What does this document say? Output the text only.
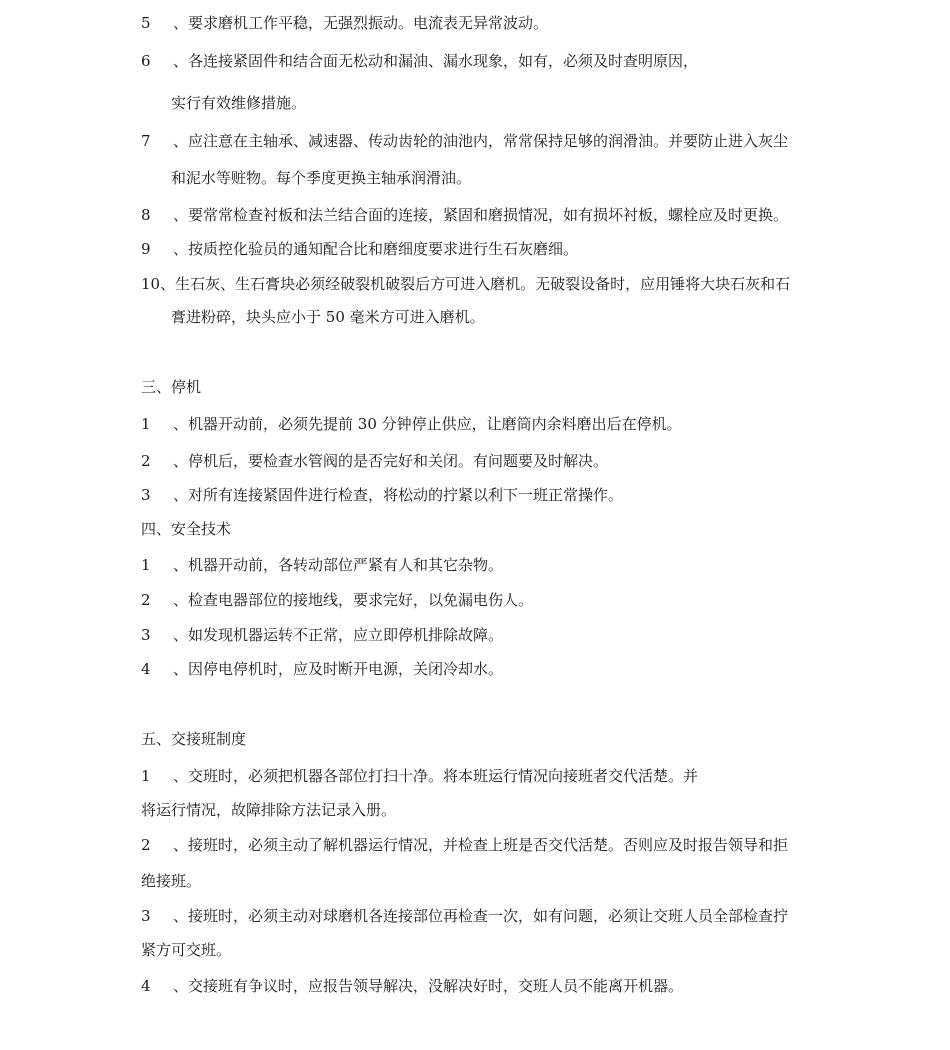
5 、要求磨机工作平稳，无强烈振动。电流表无异常波动。
6 、各连接紧固件和结合面无松动和漏油、漏水现象，如有，必须及时查明原因，
实行有效维修措施。
7 、应注意在主轴承、减速器、传动齿轮的油池内，常常保持足够的润滑油。并要防止进入灰尘
和泥水等赃物。每个季度更换主轴承润滑油。
8 、要常常检查衬板和法兰结合面的连接，紧固和磨损情况，如有损坏衬板，螺栓应及时更换。
9 、按质控化验员的通知配合比和磨细度要求进行生石灰磨细。
10、生石灰、生石膏块必须经破裂机破裂后方可进入磨机。无破裂设备时，应用锤将大块石灰和石
膏进粉碎，块头应小于 50 毫米方可进入磨机。
三、停机
1 、机器开动前，必须先提前 30 分钟停止供应，让磨筒内余料磨出后在停机。
2 、停机后，要检查水管阀的是否完好和关闭。有问题要及时解决。
3 、对所有连接紧固件进行检查，将松动的拧紧以利下一班正常操作。
四、安全技术
1 、机器开动前，各转动部位严紧有人和其它杂物。
2 、检查电器部位的接地线，要求完好，以免漏电伤人。
3 、如发现机器运转不正常，应立即停机排除故障。
4 、因停电停机时，应及时断开电源，关闭冷却水。
五、交接班制度
1 、交班时，必须把机器各部位打扫十净。将本班运行情况向接班者交代活楚。并
将运行情况，故障排除方法记录入册。
2 、接班时，必须主动了解机器运行情况，并检查上班是否交代活楚。否则应及时报告领导和拒
绝接班。
3 、接班时，必须主动对球磨机各连接部位再检查一次，如有问题，必须让交班人员全部检查拧
紧方可交班。
4 、交接班有争议时，应报告领导解决，没解决好时，交班人员不能离开机器。
